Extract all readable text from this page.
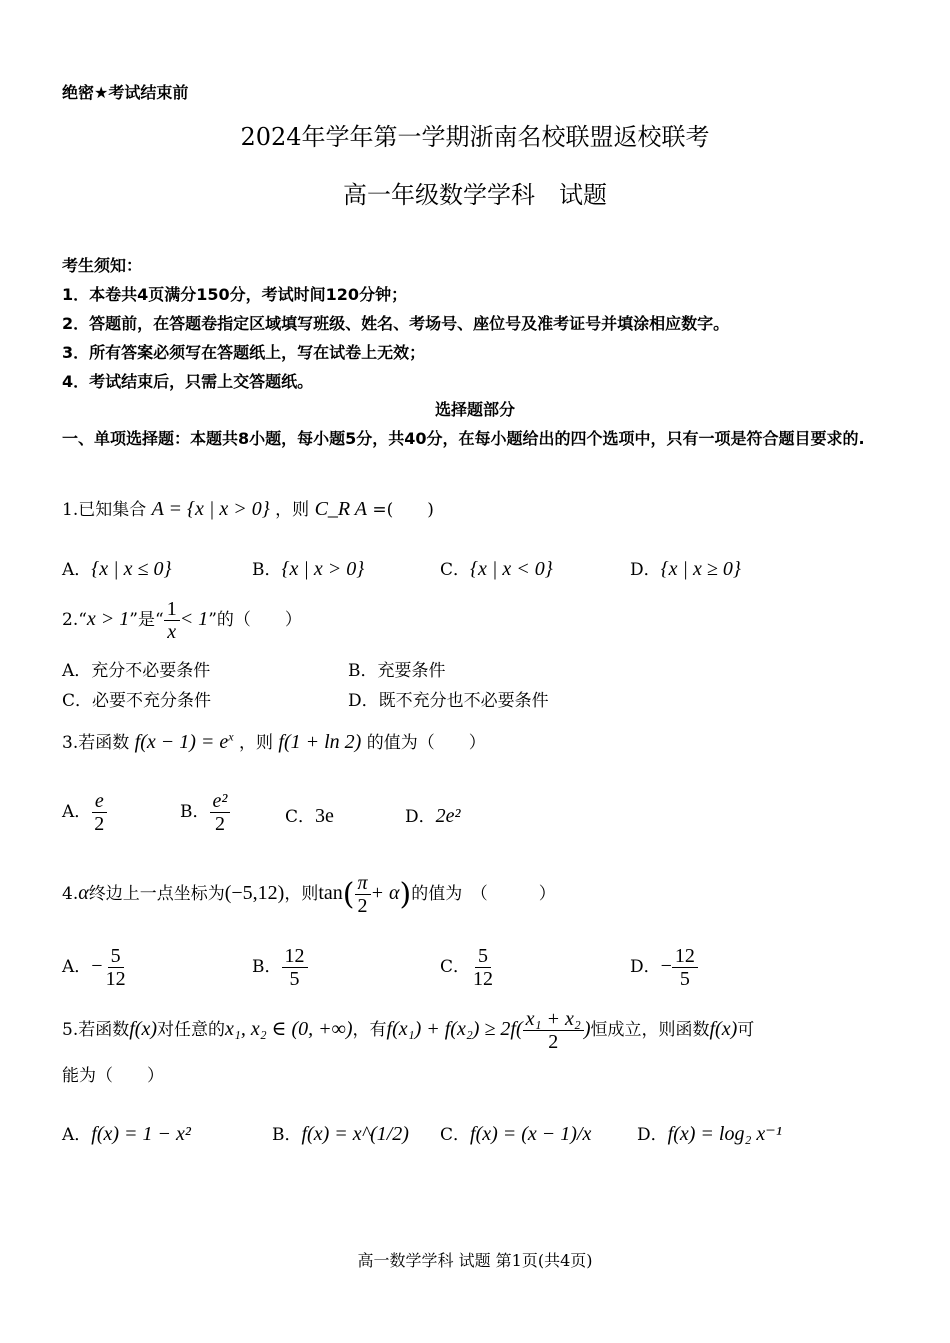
绝密★考试结束前
2024年学年第一学期浙南名校联盟返校联考
高一年级数学学科　试题
考生须知：
1．本卷共4页满分150分，考试时间120分钟；
2．答题前，在答题卷指定区域填写班级、姓名、考场号、座位号及准考证号并填涂相应数字。
3．所有答案必须写在答题纸上，写在试卷上无效；
4．考试结束后，只需上交答题纸。
选择题部分
一、单项选择题：本题共8小题，每小题5分，共40分，在每小题给出的四个选项中，只有一项是符合题目要求的.
1.已知集合 A = {x | x > 0} ，则 C_R A =(　　)
A．{x | x ≤ 0}	B．{x | x > 0}	C．{x | x < 0}	D．{x | x ≥ 0}
2.“x > 1”是“ $\frac{1}{x} < 1$”的（　　）
A．充分不必要条件	B．充要条件
C．必要不充分条件	D．既不充分也不必要条件
3.若函数 $f(x - 1) = e^x$ ，则 f(1 + ln 2) 的值为（　　）
A． $\frac{e}{2}$	B． $\frac{\text{e²}}{2}$	C．3e	D．2e²
4.α终边上一点坐标为(−5,12)，则$\tan( \frac{\pi}{2} + \alpha)$的值为　（　　　）
A．− $\frac{5}{12}$	B． $\frac{12}{5}$	C． $\frac{5}{12}$	D．− $\frac{12}{5}$
5.若函数f(x)对任意的x₁, x₂ ∈ (0, +∞)，有$f(x_1) + f(x_2) \ge 2f( \frac{\text{x₁ + x₂}}{2}$ )恒成立，则函数f(x)可
能为（　　）
A．f(x) = 1 − x²	B．f(x) = x^(1/2) C．f(x) = (x − 1)/x	D．f(x) = log₂ x⁻¹
高一数学学科 试题 第1页(共4页)
